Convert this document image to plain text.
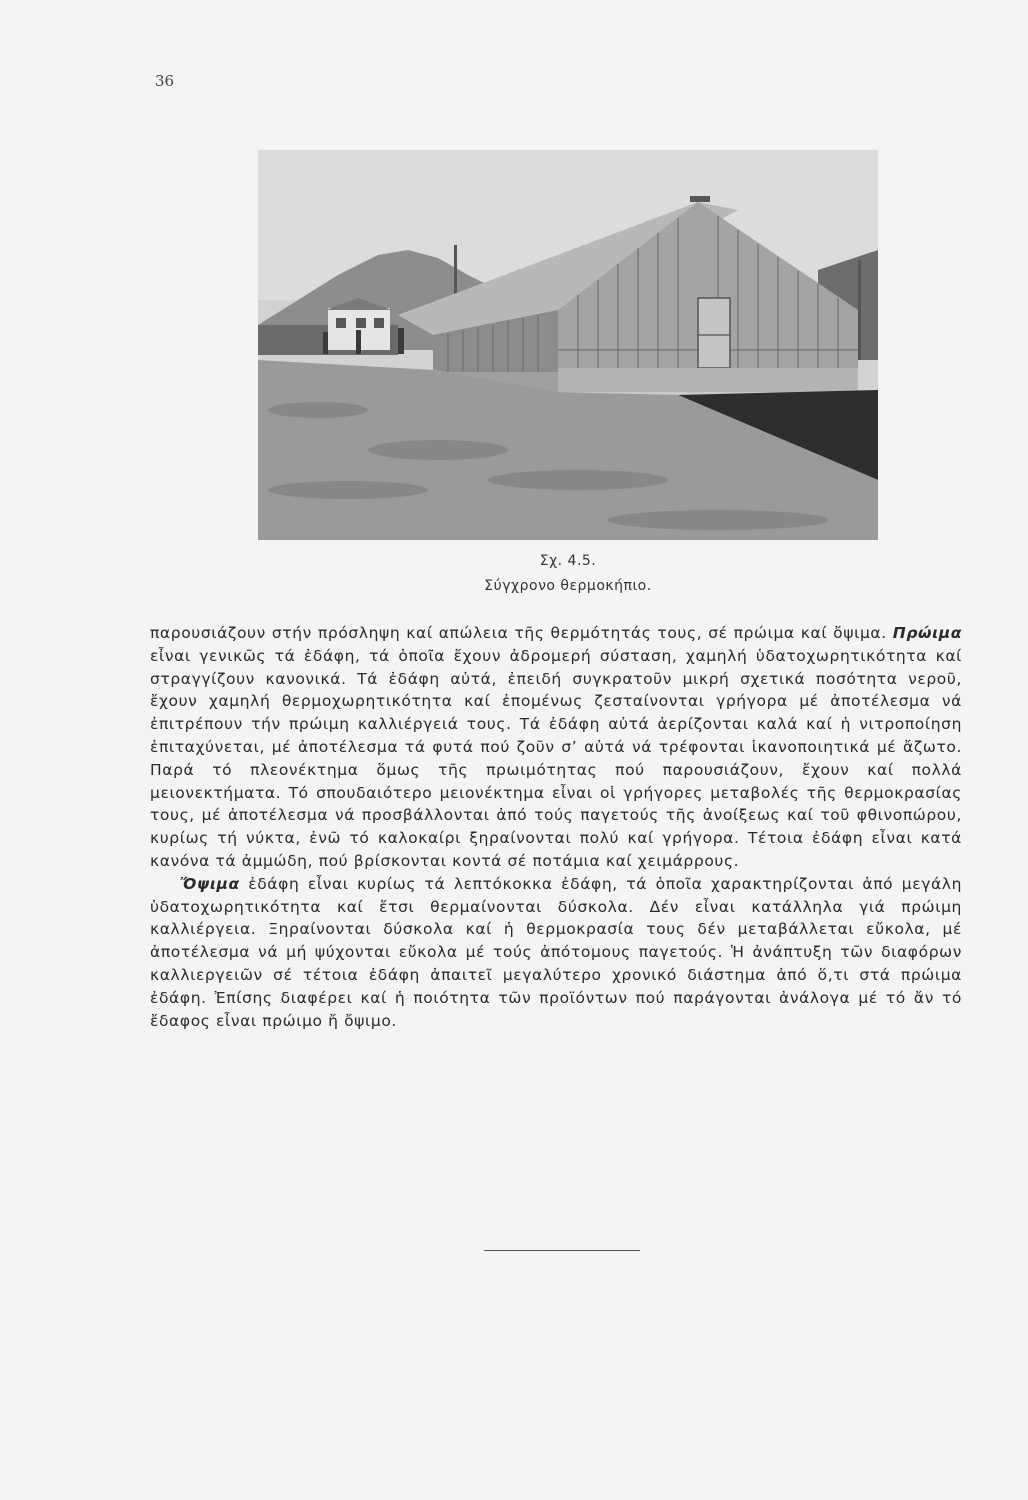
36
Σχ. 4.5.
Σύγχρονο θερμοκήπιο.

παρουσιάζουν στήν πρόσληψη καί απώλεια τῆς θερμότητάς τους, σέ πρώιμα καί ὄψιμα. Πρώιμα εἶναι γενικῶς τά ἐδάφη, τά ὁποῖα ἔχουν ἀδρομερή σύσταση, χαμηλή ὑδατοχωρητικότητα καί στραγγίζουν κανονικά. Τά ἐδάφη αὐτά, ἐπειδή συγκρατοῦν μικρή σχετικά ποσότητα νεροῦ, ἔχουν χαμηλή θερμοχωρητικότητα καί ἐπομένως ζεσταίνονται γρήγορα μέ ἀποτέλεσμα νά ἐπιτρέπουν τήν πρώιμη καλλιέργειά τους. Τά ἐδάφη αὐτά ἀερίζονται καλά καί ἡ νιτροποίηση ἐπιταχύνεται, μέ ἀποτέλεσμα τά φυτά πού ζοῦν σ’ αὐτά νά τρέφονται ἱκανοποιητικά μέ ἄζωτο. Παρά τό πλεονέκτημα ὅμως τῆς πρωιμότητας πού παρουσιάζουν, ἔχουν καί πολλά μειονεκτήματα. Τό σπουδαιότερο μειονέκτημα εἶναι οἱ γρήγορες μεταβολές τῆς θερμοκρασίας τους, μέ ἀποτέλεσμα νά προσβάλλονται ἀπό τούς παγετούς τῆς ἀνοίξεως καί τοῦ φθινοπώρου, κυρίως τή νύκτα, ἐνῶ τό καλοκαίρι ξηραίνονται πολύ καί γρήγορα. Τέτοια ἐδάφη εἶναι κατά κανόνα τά ἀμμώδη, πού βρίσκονται κοντά σέ ποτάμια καί χειμάρρους.

Ὄψιμα ἐδάφη εἶναι κυρίως τά λεπτόκοκκα ἐδάφη, τά ὁποῖα χαρακτηρίζονται ἀπό μεγάλη ὑδατοχωρητικότητα καί ἔτσι θερμαίνονται δύσκολα. Δέν εἶναι κατάλληλα γιά πρώιμη καλλιέργεια. Ξηραίνονται δύσκολα καί ἡ θερμοκρασία τους δέν μεταβάλλεται εὔκολα, μέ ἀποτέλεσμα νά μή ψύχονται εὔκολα μέ τούς ἀπότομους παγετούς. Ἡ ἀνάπτυξη τῶν διαφόρων καλλιεργειῶν σέ τέτοια ἐδάφη ἀπαιτεῖ μεγαλύτερο χρονικό διάστημα ἀπό ὅ,τι στά πρώιμα ἐδάφη. Ἐπίσης διαφέρει καί ἡ ποιότητα τῶν προϊόντων πού παράγονται ἀνάλογα μέ τό ἄν τό ἔδαφος εἶναι πρώιμο ἤ ὄψιμο.
